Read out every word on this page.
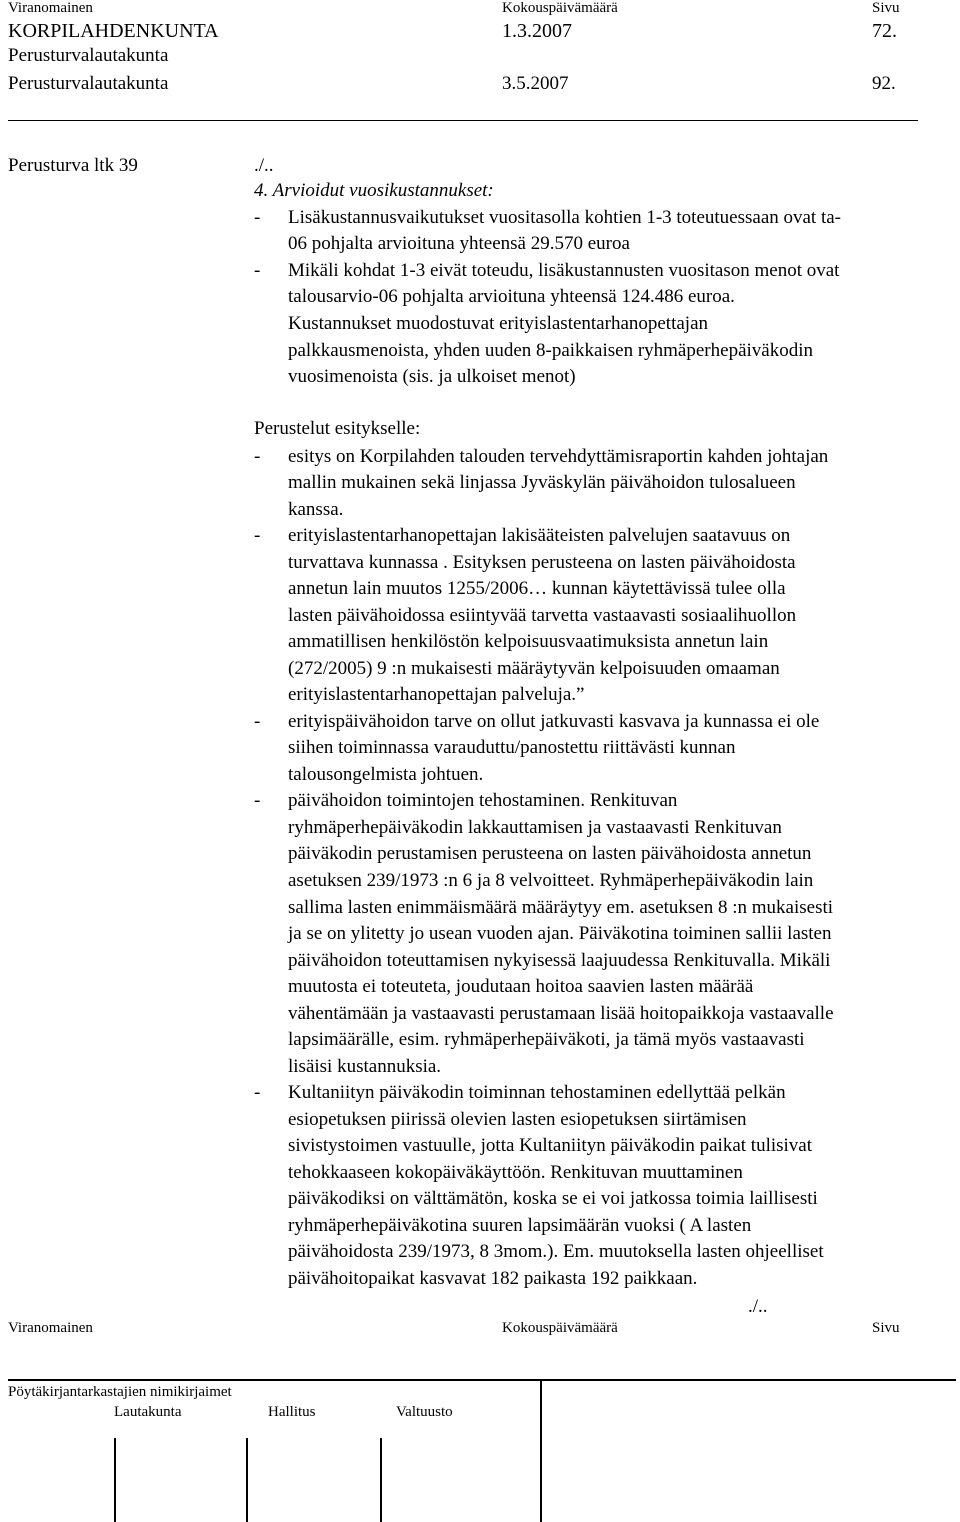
Viranomainen	Kokouspäivämäärä	Sivu
KORPILAHDENKUNTA	1.3.2007	72.
Perusturvalautakunta
Perusturvalautakunta	3.5.2007	92.
Perusturva ltk 39	./..
4. Arvioidut vuosikustannukset:
- Lisäkustannusvaikutukset vuositasolla kohtien 1-3 toteutuessaan ovat ta-
06 pohjalta arvioituna yhteensä 29.570 euroa
- Mikäli kohdat 1-3 eivät toteudu, lisäkustannusten vuositason menot ovat
talousarvio-06 pohjalta arvioituna yhteensä 124.486 euroa.
Kustannukset muodostuvat erityislastentarhanopettajan
palkkausmenoista, yhden uuden 8-paikkaisen ryhmäperhepäiväkodin
vuosimenoista (sis. ja ulkoiset menot)
Perustelut esitykselle:
- esitys on Korpilahden talouden tervehdyttämisraportin kahden johtajan
mallin mukainen sekä linjassa Jyväskylän päivähoidon tulosalueen
kanssa.
- erityislastentarhanopettajan lakisääteisten palvelujen saatavuus on
turvattava kunnassa . Esityksen perusteena on lasten päivähoidosta
annetun lain muutos 1255/2006… kunnan käytettävissä tulee olla
lasten päivähoidossa esiintyvää tarvetta vastaavasti sosiaalihuollon
ammatillisen henkilöstön kelpoisuusvaatimuksista annetun lain
(272/2005) 9 :n mukaisesti määräytyvän kelpoisuuden omaaman
erityislastentarhanopettajan palveluja.”
- erityispäivähoidon tarve on ollut jatkuvasti kasvava ja kunnassa ei ole
siihen toiminnassa varauduttu/panostettu riittävästi kunnan
talousongelmista johtuen.
- päivähoidon toimintojen tehostaminen. Renkituvan
ryhmäperhepäiväkodin lakkauttamisen ja vastaavasti Renkituvan
päiväkodin perustamisen perusteena on lasten päivähoidosta annetun
asetuksen 239/1973 :n 6 ja 8 velvoitteet. Ryhmäperhepäiväkodin lain
sallima lasten enimmäismäärä määräytyy em. asetuksen 8 :n mukaisesti
ja se on ylitetty jo usean vuoden ajan. Päiväkotina toiminen sallii lasten
päivähoidon toteuttamisen nykyisessä laajuudessa Renkituvalla. Mikäli
muutosta ei toteuteta, joudutaan hoitoa saavien lasten määrää
vähentämään ja vastaavasti perustamaan lisää hoitopaikkoja vastaavalle
lapsimäärälle, esim. ryhmäperhepäiväkoti, ja tämä myös vastaavasti
lisäisi kustannuksia.
- Kultaniityn päiväkodin toiminnan tehostaminen edellyttää pelkän
esiopetuksen piirissä olevien lasten esiopetuksen siirtämisen
sivistystoimen vastuulle, jotta Kultaniityn päiväkodin paikat tulisivat
tehokkaaseen kokopäiväkäyttöön. Renkituvan muuttaminen
päiväkodiksi on välttämätön, koska se ei voi jatkossa toimia laillisesti
ryhmäperhepäiväkotina suuren lapsimäärän vuoksi ( A lasten
päivähoidosta 239/1973, 8 3mom.). Em. muutoksella lasten ohjeelliset
päivähoitopaikat kasvavat 182 paikasta 192 paikkaan.
./..
Viranomainen	Kokouspäivämäärä	Sivu
Pöytäkirjantarkastajien nimikirjaimet
Lautakunta	Hallitus	Valtuusto
